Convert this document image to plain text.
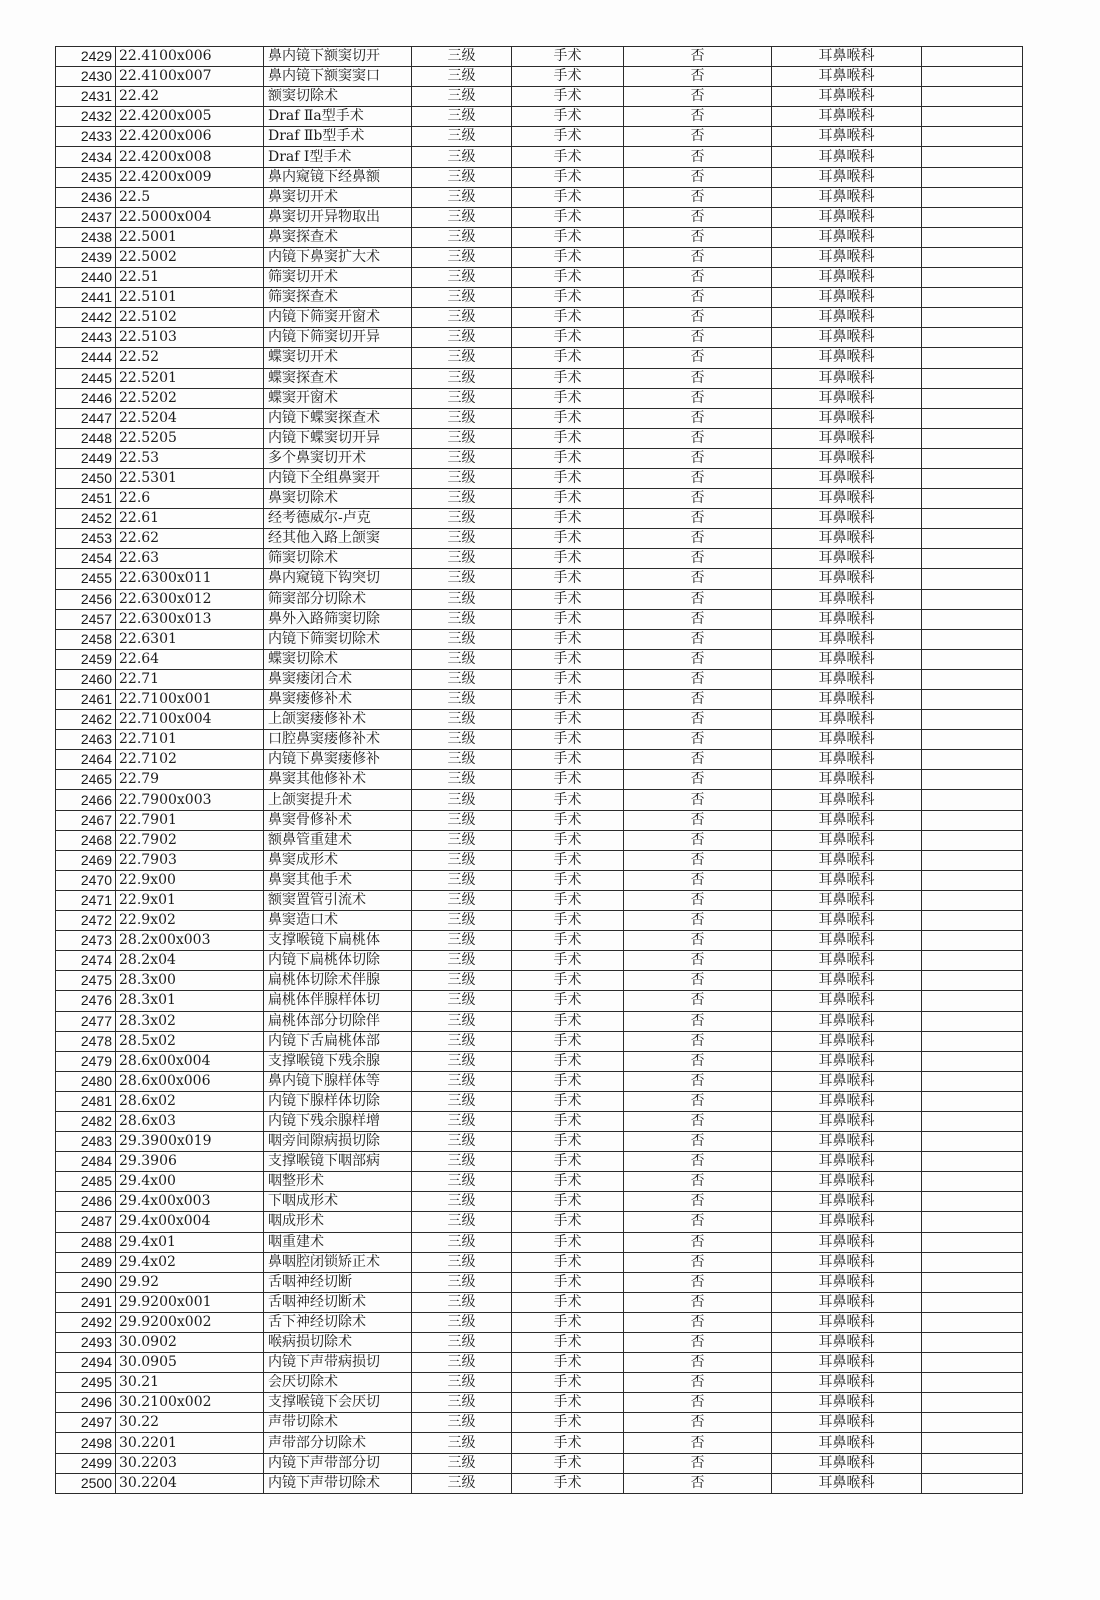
2429	22.4100x006	鼻内镜下额窦切开	三级	手术	否	耳鼻喉科	
2430	22.4100x007	鼻内镜下额窦窦口	三级	手术	否	耳鼻喉科	
2431	22.42	额窦切除术	三级	手术	否	耳鼻喉科	
2432	22.4200x005	Draf Ⅱa型手术	三级	手术	否	耳鼻喉科	
2433	22.4200x006	Draf Ⅱb型手术	三级	手术	否	耳鼻喉科	
2434	22.4200x008	Draf Ⅰ型手术	三级	手术	否	耳鼻喉科	
2435	22.4200x009	鼻内窥镜下经鼻额	三级	手术	否	耳鼻喉科	
2436	22.5	鼻窦切开术	三级	手术	否	耳鼻喉科	
2437	22.5000x004	鼻窦切开异物取出	三级	手术	否	耳鼻喉科	
2438	22.5001	鼻窦探查术	三级	手术	否	耳鼻喉科	
2439	22.5002	内镜下鼻窦扩大术	三级	手术	否	耳鼻喉科	
2440	22.51	筛窦切开术	三级	手术	否	耳鼻喉科	
2441	22.5101	筛窦探查术	三级	手术	否	耳鼻喉科	
2442	22.5102	内镜下筛窦开窗术	三级	手术	否	耳鼻喉科	
2443	22.5103	内镜下筛窦切开异	三级	手术	否	耳鼻喉科	
2444	22.52	蝶窦切开术	三级	手术	否	耳鼻喉科	
2445	22.5201	蝶窦探查术	三级	手术	否	耳鼻喉科	
2446	22.5202	蝶窦开窗术	三级	手术	否	耳鼻喉科	
2447	22.5204	内镜下蝶窦探查术	三级	手术	否	耳鼻喉科	
2448	22.5205	内镜下蝶窦切开异	三级	手术	否	耳鼻喉科	
2449	22.53	多个鼻窦切开术	三级	手术	否	耳鼻喉科	
2450	22.5301	内镜下全组鼻窦开	三级	手术	否	耳鼻喉科	
2451	22.6	鼻窦切除术	三级	手术	否	耳鼻喉科	
2452	22.61	经考德威尔-卢克	三级	手术	否	耳鼻喉科	
2453	22.62	经其他入路上颌窦	三级	手术	否	耳鼻喉科	
2454	22.63	筛窦切除术	三级	手术	否	耳鼻喉科	
2455	22.6300x011	鼻内窥镜下钩突切	三级	手术	否	耳鼻喉科	
2456	22.6300x012	筛窦部分切除术	三级	手术	否	耳鼻喉科	
2457	22.6300x013	鼻外入路筛窦切除	三级	手术	否	耳鼻喉科	
2458	22.6301	内镜下筛窦切除术	三级	手术	否	耳鼻喉科	
2459	22.64	蝶窦切除术	三级	手术	否	耳鼻喉科	
2460	22.71	鼻窦瘘闭合术	三级	手术	否	耳鼻喉科	
2461	22.7100x001	鼻窦瘘修补术	三级	手术	否	耳鼻喉科	
2462	22.7100x004	上颌窦瘘修补术	三级	手术	否	耳鼻喉科	
2463	22.7101	口腔鼻窦瘘修补术	三级	手术	否	耳鼻喉科	
2464	22.7102	内镜下鼻窦瘘修补	三级	手术	否	耳鼻喉科	
2465	22.79	鼻窦其他修补术	三级	手术	否	耳鼻喉科	
2466	22.7900x003	上颌窦提升术	三级	手术	否	耳鼻喉科	
2467	22.7901	鼻窦骨修补术	三级	手术	否	耳鼻喉科	
2468	22.7902	额鼻管重建术	三级	手术	否	耳鼻喉科	
2469	22.7903	鼻窦成形术	三级	手术	否	耳鼻喉科	
2470	22.9x00	鼻窦其他手术	三级	手术	否	耳鼻喉科	
2471	22.9x01	额窦置管引流术	三级	手术	否	耳鼻喉科	
2472	22.9x02	鼻窦造口术	三级	手术	否	耳鼻喉科	
2473	28.2x00x003	支撑喉镜下扁桃体	三级	手术	否	耳鼻喉科	
2474	28.2x04	内镜下扁桃体切除	三级	手术	否	耳鼻喉科	
2475	28.3x00	扁桃体切除术伴腺	三级	手术	否	耳鼻喉科	
2476	28.3x01	扁桃体伴腺样体切	三级	手术	否	耳鼻喉科	
2477	28.3x02	扁桃体部分切除伴	三级	手术	否	耳鼻喉科	
2478	28.5x02	内镜下舌扁桃体部	三级	手术	否	耳鼻喉科	
2479	28.6x00x004	支撑喉镜下残余腺	三级	手术	否	耳鼻喉科	
2480	28.6x00x006	鼻内镜下腺样体等	三级	手术	否	耳鼻喉科	
2481	28.6x02	内镜下腺样体切除	三级	手术	否	耳鼻喉科	
2482	28.6x03	内镜下残余腺样增	三级	手术	否	耳鼻喉科	
2483	29.3900x019	咽旁间隙病损切除	三级	手术	否	耳鼻喉科	
2484	29.3906	支撑喉镜下咽部病	三级	手术	否	耳鼻喉科	
2485	29.4x00	咽整形术	三级	手术	否	耳鼻喉科	
2486	29.4x00x003	下咽成形术	三级	手术	否	耳鼻喉科	
2487	29.4x00x004	咽成形术	三级	手术	否	耳鼻喉科	
2488	29.4x01	咽重建术	三级	手术	否	耳鼻喉科	
2489	29.4x02	鼻咽腔闭锁矫正术	三级	手术	否	耳鼻喉科	
2490	29.92	舌咽神经切断	三级	手术	否	耳鼻喉科	
2491	29.9200x001	舌咽神经切断术	三级	手术	否	耳鼻喉科	
2492	29.9200x002	舌下神经切除术	三级	手术	否	耳鼻喉科	
2493	30.0902	喉病损切除术	三级	手术	否	耳鼻喉科	
2494	30.0905	内镜下声带病损切	三级	手术	否	耳鼻喉科	
2495	30.21	会厌切除术	三级	手术	否	耳鼻喉科	
2496	30.2100x002	支撑喉镜下会厌切	三级	手术	否	耳鼻喉科	
2497	30.22	声带切除术	三级	手术	否	耳鼻喉科	
2498	30.2201	声带部分切除术	三级	手术	否	耳鼻喉科	
2499	30.2203	内镜下声带部分切	三级	手术	否	耳鼻喉科	
2500	30.2204	内镜下声带切除术	三级	手术	否	耳鼻喉科	
